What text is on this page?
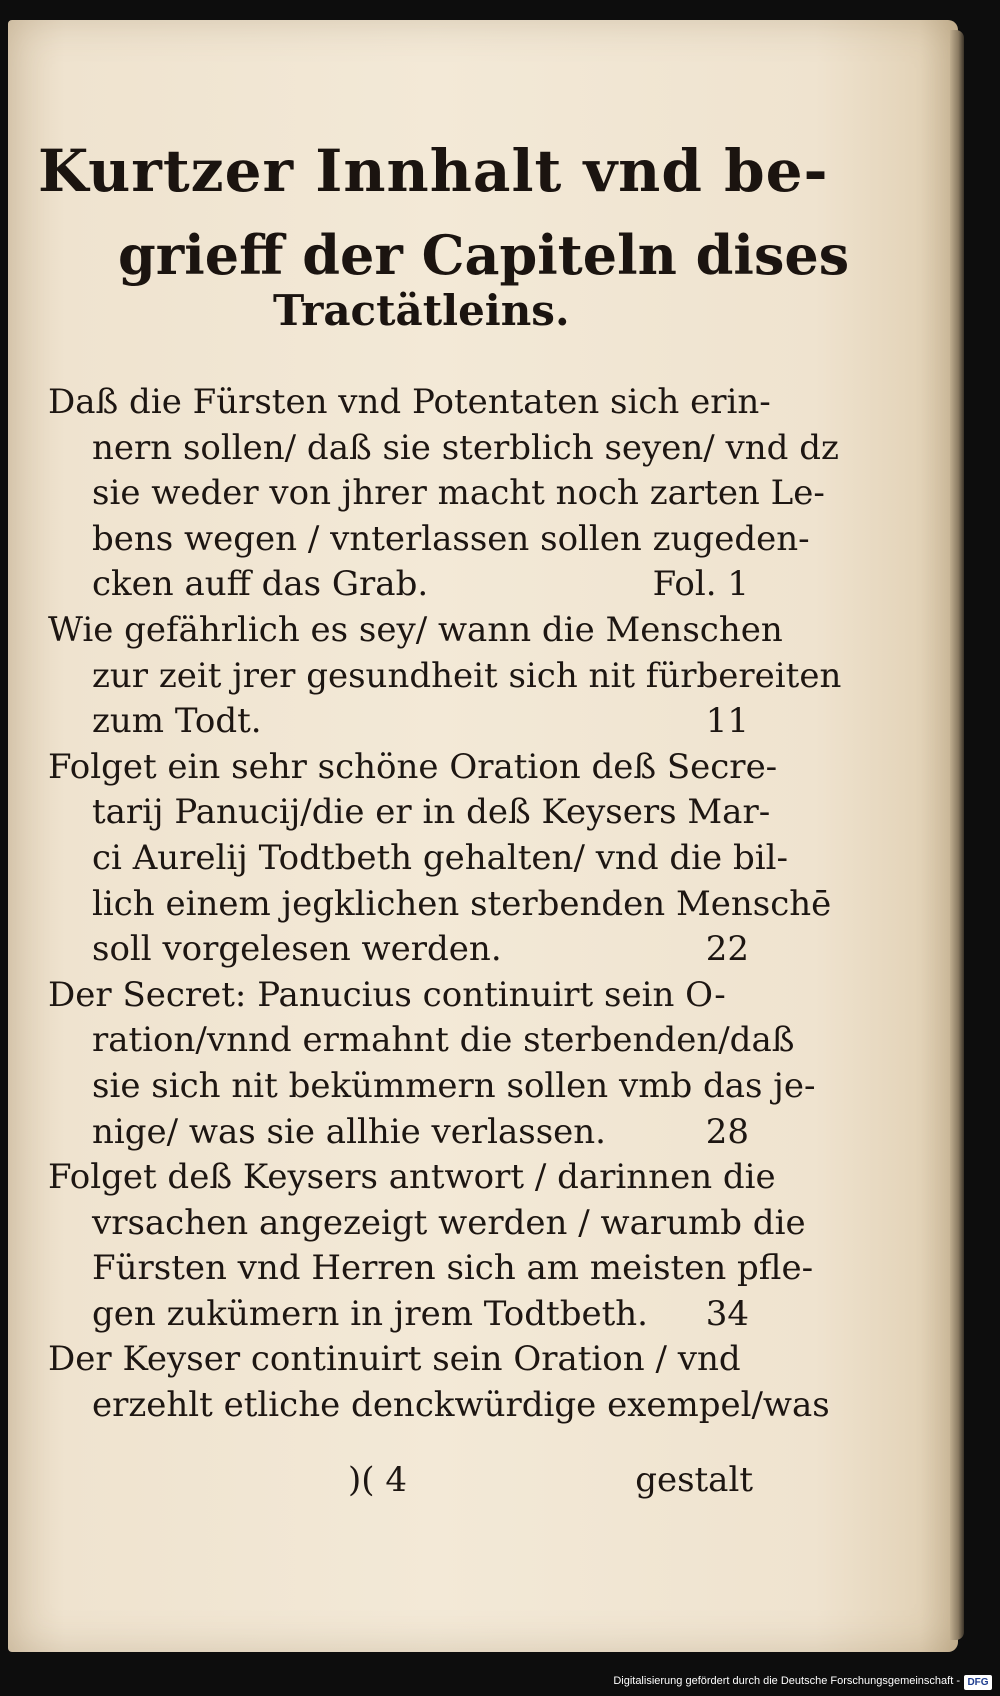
Kurtzer Innhalt vnd be-
grieff der Capiteln dises
Tractätleins.
Daß die Fürsten vnd Potentaten sich erin-
nern sollen/ daß sie sterblich seyen/ vnd dz
sie weder von jhrer macht noch zarten Le-
bens wegen / vnterlassen sollen zugeden-
cken auff das Grab.	Fol. 1
Wie gefährlich es sey/ wann die Menschen
zur zeit jrer gesundheit sich nit fürbereiten
zum Todt.	11
Folget ein sehr schöne Oration deß Secre-
tarij Panucij/die er in deß Keysers Mar-
ci Aurelij Todtbeth gehalten/ vnd die bil-
lich einem jegklichen sterbenden Menschē
soll vorgelesen werden.	22
Der Secret: Panucius continuirt sein O-
ration/vnnd ermahnt die sterbenden/daß
sie sich nit bekümmern sollen vmb das je-
nige/ was sie allhie verlassen.	28
Folget deß Keysers antwort / darinnen die
vrsachen angezeigt werden / warumb die
Fürsten vnd Herren sich am meisten pfle-
gen zukümern in jrem Todtbeth. 34
Der Keyser continuirt sein Oration / vnd
erzehlt etliche denckwürdige exempel/was
)( 4	gestalt
Digitalisierung gefördert durch die Deutsche Forschungsgemeinschaft - DFG
